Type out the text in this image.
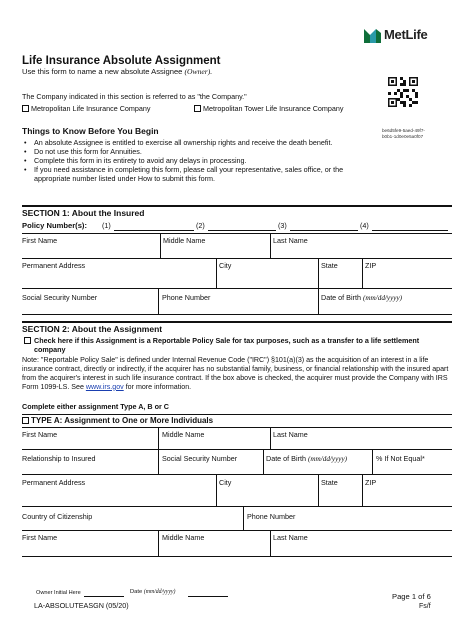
MetLife
Life Insurance Absolute Assignment
Use this form to name a new absolute Assignee (Owner).
The Company indicated in this section is referred to as "the Company."
Metropolitan Life Insurance Company	Metropolitan Tower Life Insurance Company
be6d5fe9-5aed-49f7-
b0b1-1d0e0e5a0f07
Things to Know Before You Begin
• An absolute Assignee is entitled to exercise all ownership rights and receive the death benefit.
• Do not use this form for Annuities.
• Complete this form in its entirety to avoid any delays in processing.
• If you need assistance in completing this form, please call your representative, sales office, or the appropriate number listed under How to submit this form.
SECTION 1: About the Insured
Policy Number(s): (1)	(2)	(3)	(4)
First Name	Middle Name	Last Name
Permanent Address	City	State	ZIP
Social Security Number	Phone Number	Date of Birth (mm/dd/yyyy)
SECTION 2: About the Assignment
Check here if this Assignment is a Reportable Policy Sale for tax purposes, such as a transfer to a life settlement company
Note: "Reportable Policy Sale" is defined under Internal Revenue Code ("IRC") §101(a)(3) as the acquisition of an interest in a life insurance contract, directly or indirectly, if the acquirer has no substantial family, business, or financial relationship with the insured apart from the acquirer's interest in such life insurance contract. If the box above is checked, the acquirer must provide the Company with IRS Form 1099-LS. See www.irs.gov for more information.
Complete either assignment Type A, B or C
TYPE A: Assignment to One or More Individuals
First Name	Middle Name	Last Name
Relationship to Insured	Social Security Number	Date of Birth (mm/dd/yyyy)	% If Not Equal*
Permanent Address	City	State	ZIP
Country of Citizenship	Phone Number
First Name	Middle Name	Last Name
Owner Initial Here	Date (mm/dd/yyyy)
LA-ABSOLUTEASGN (05/20)
Page 1 of 6
Fs/f
